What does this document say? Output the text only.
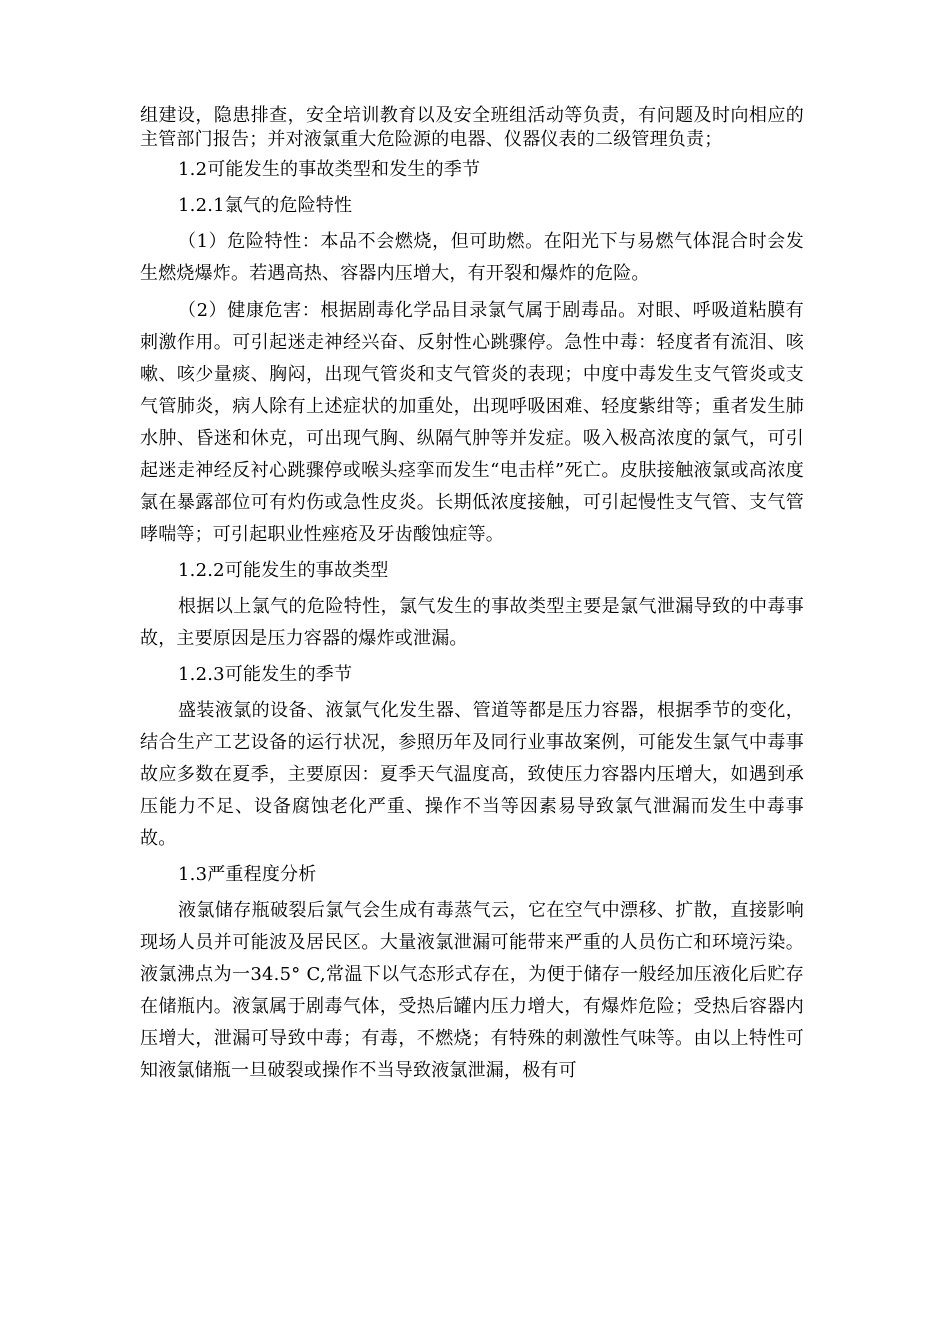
组建设，隐患排查，安全培训教育以及安全班组活动等负责，有问题及时向相应的主管部门报告；并对液氯重大危险源的电器、仪器仪表的二级管理负责；

1.2可能发生的事故类型和发生的季节

1.2.1氯气的危险特性

（1）危险特性：本品不会燃烧，但可助燃。在阳光下与易燃气体混合时会发生燃烧爆炸。若遇高热、容器内压增大，有开裂和爆炸的危险。

（2）健康危害：根据剧毒化学品目录氯气属于剧毒品。对眼、呼吸道粘膜有刺激作用。可引起迷走神经兴奋、反射性心跳骤停。急性中毒：轻度者有流泪、咳嗽、咳少量痰、胸闷，出现气管炎和支气管炎的表现；中度中毒发生支气管炎或支气管肺炎，病人除有上述症状的加重处，出现呼吸困难、轻度紫绀等；重者发生肺水肿、昏迷和休克，可出现气胸、纵隔气肿等并发症。吸入极高浓度的氯气，可引起迷走神经反衬心跳骤停或喉头痉挛而发生“电击样”死亡。皮肤接触液氯或高浓度氯在暴露部位可有灼伤或急性皮炎。长期低浓度接触，可引起慢性支气管、支气管哮喘等；可引起职业性痤疮及牙齿酸蚀症等。

1.2.2可能发生的事故类型

根据以上氯气的危险特性，氯气发生的事故类型主要是氯气泄漏导致的中毒事故，主要原因是压力容器的爆炸或泄漏。

1.2.3可能发生的季节

盛装液氯的设备、液氯气化发生器、管道等都是压力容器，根据季节的变化，结合生产工艺设备的运行状况，参照历年及同行业事故案例，可能发生氯气中毒事故应多数在夏季，主要原因：夏季天气温度高，致使压力容器内压增大，如遇到承压能力不足、设备腐蚀老化严重、操作不当等因素易导致氯气泄漏而发生中毒事故。

1.3严重程度分析

液氯储存瓶破裂后氯气会生成有毒蒸气云，它在空气中漂移、扩散，直接影响现场人员并可能波及居民区。大量液氯泄漏可能带来严重的人员伤亡和环境污染。液氯沸点为一34.5° C,常温下以气态形式存在，为便于储存一般经加压液化后贮存在储瓶内。液氯属于剧毒气体，受热后罐内压力增大，有爆炸危险；受热后容器内压增大，泄漏可导致中毒；有毒，不燃烧；有特殊的刺激性气味等。由以上特性可知液氯储瓶一旦破裂或操作不当导致液氯泄漏，极有可
